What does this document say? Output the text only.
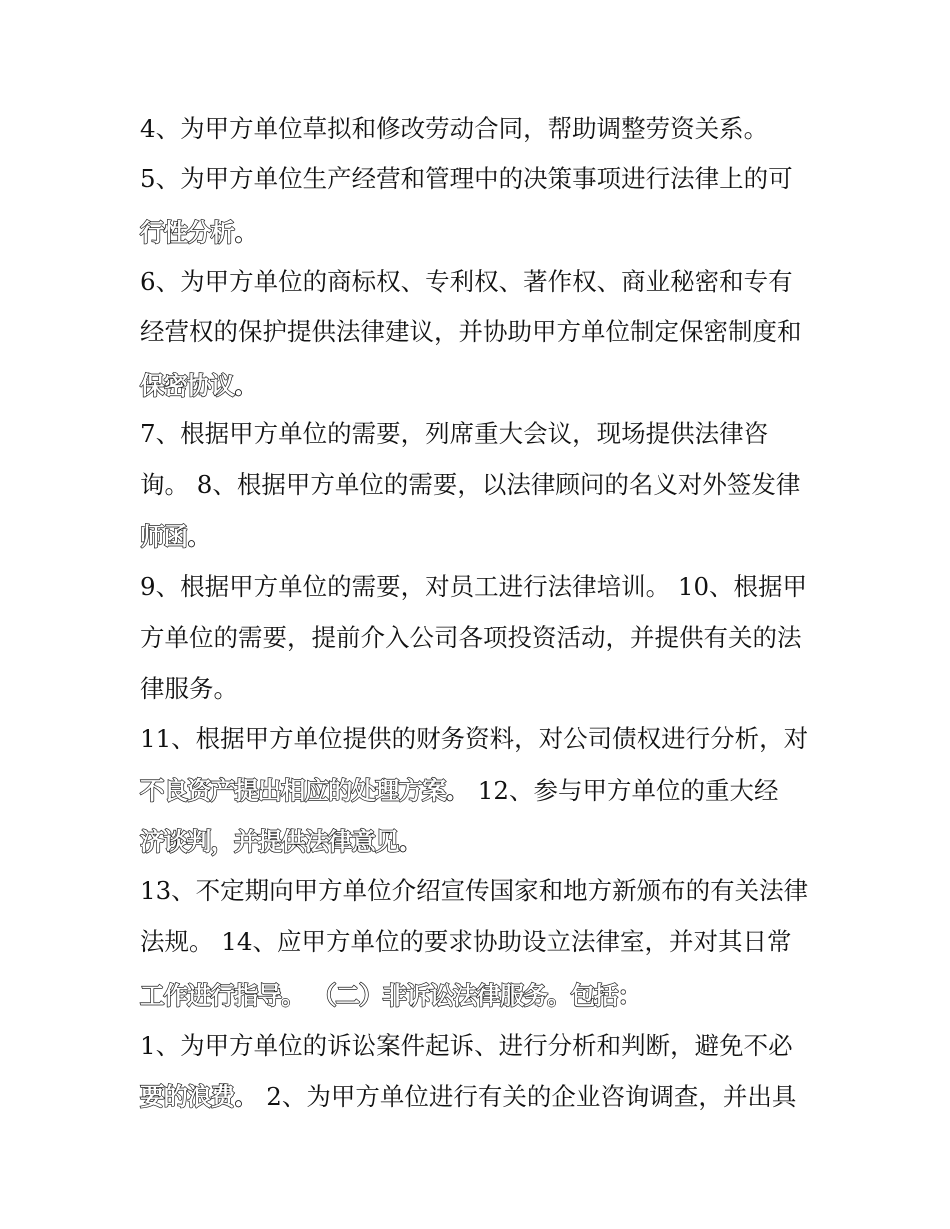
4、为甲方单位草拟和修改劳动合同，帮助调整劳资关系。
5、为甲方单位生产经营和管理中的决策事项进行法律上的可
行性分析。
6、为甲方单位的商标权、专利权、著作权、商业秘密和专有
经营权的保护提供法律建议，并协助甲方单位制定保密制度和
保密协议。
7、根据甲方单位的需要，列席重大会议，现场提供法律咨
询。 8、根据甲方单位的需要，以法律顾问的名义对外签发律
师函。
9、根据甲方单位的需要，对员工进行法律培训。 10、根据甲
方单位的需要，提前介入公司各项投资活动，并提供有关的法
律服务。
11、根据甲方单位提供的财务资料，对公司债权进行分析，对
不良资产提出相应的处理方案。 12、参与甲方单位的重大经
济谈判，并提供法律意见。
13、不定期向甲方单位介绍宣传国家和地方新颁布的有关法律
法规。 14、应甲方单位的要求协助设立法律室，并对其日常
工作进行指导。 （二）非诉讼法律服务。包括：
1、为甲方单位的诉讼案件起诉、进行分析和判断，避免不必
要的浪费。 2、为甲方单位进行有关的企业咨询调查，并出具
